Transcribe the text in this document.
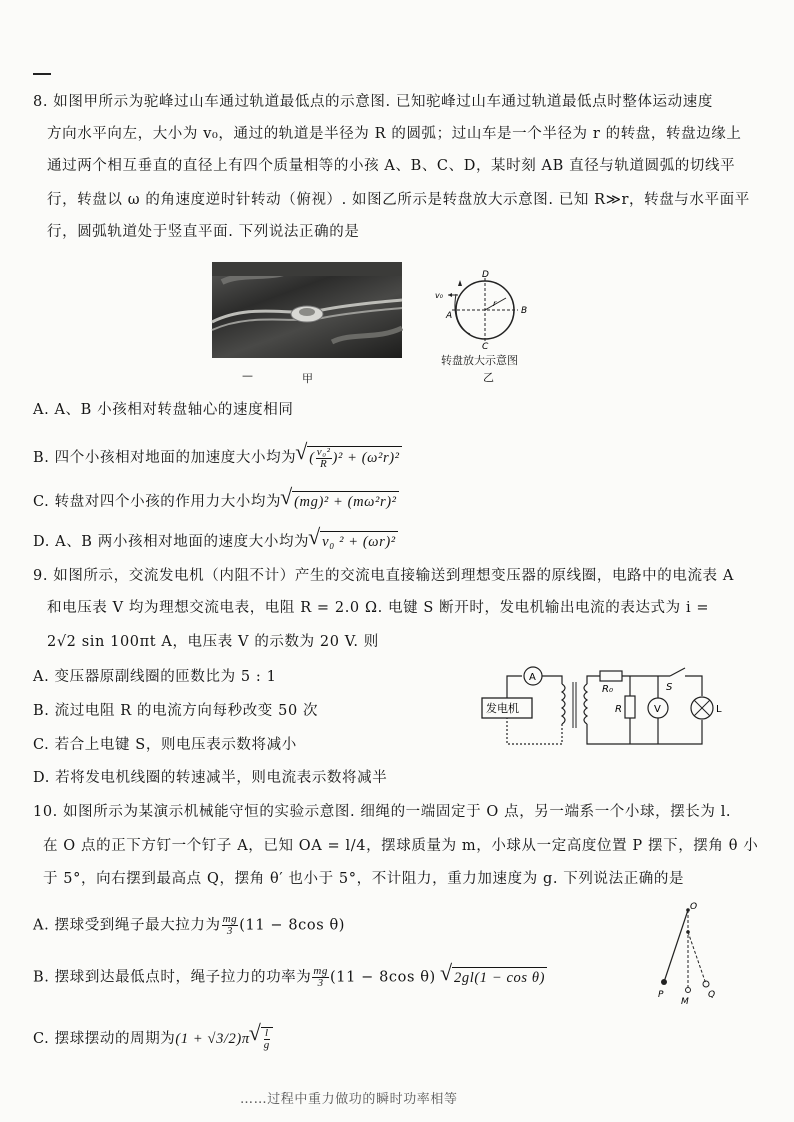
8. 如图甲所示为驼峰过山车通过轨道最低点的示意图. 已知驼峰过山车通过轨道最低点时整体运动速度
方向水平向左，大小为 v₀，通过的轨道是半径为 R 的圆弧；过山车是一个半径为 r 的转盘，转盘边缘上
通过两个相互垂直的直径上有四个质量相等的小孩 A、B、C、D，某时刻 AB 直径与轨道圆弧的切线平
行，转盘以 ω 的角速度逆时针转动（俯视）. 如图乙所示是转盘放大示意图. 已知 R≫r，转盘与水平面平
行，圆弧轨道处于竖直平面. 下列说法正确的是
—	甲
D
B
C
A
r
v₀
转盘放大示意图
乙
A. A、B 小孩相对转盘轴心的速度相同
B. 四个小孩相对地面的加速度大小均为 √ ( $\frac{\text{v₀²}}{R} )^2 + (\omega^2r)^2$
C. 转盘对四个小孩的作用力大小均为 √ (mg)² + (mω²r)²
D. A、B 两小孩相对地面的速度大小均为 √ v₀ ² + (ωr)²
9. 如图所示，交流发电机（内阻不计）产生的交流电直接输送到理想变压器的原线圈，电路中的电流表 A
和电压表 V 均为理想交流电表，电阻 R = 2.0 Ω. 电键 S 断开时，发电机输出电流的表达式为 i =
2√2 sin 100πt A，电压表 V 的示数为 20 V. 则
A. 变压器原副线圈的匝数比为 5 : 1
B. 流过电阻 R 的电流方向每秒改变 50 次
C. 若合上电键 S，则电压表示数将减小
D. 若将发电机线圈的转速减半，则电流表示数将减半
发电机
A
R₀	S
R	V	L
10. 如图所示为某演示机械能守恒的实验示意图. 细绳的一端固定于 O 点，另一端系一个小球，摆长为 l.
在 O 点的正下方钉一个钉子 A，已知 OA = l/4，摆球质量为 m，小球从一定高度位置 P 摆下，摆角 θ 小
于 5°，向右摆到最高点 Q，摆角 θ′ 也小于 5°，不计阻力，重力加速度为 g. 下列说法正确的是
A. 摆球受到绳子最大拉力为 $\frac{mg}{3} (11 - 8\cos$ θ)
B. 摆球到达最低点时，绳子拉力的功率为 $\frac{mg}{3} (11 - 8\cos$ θ) √ 2gl(1 − cos θ)
C. 摆球摆动的周期为(1 + √3/2)π √ $\frac{l}{g}$
……过程中重力做功的瞬时功率相等
O
P
M
Q
